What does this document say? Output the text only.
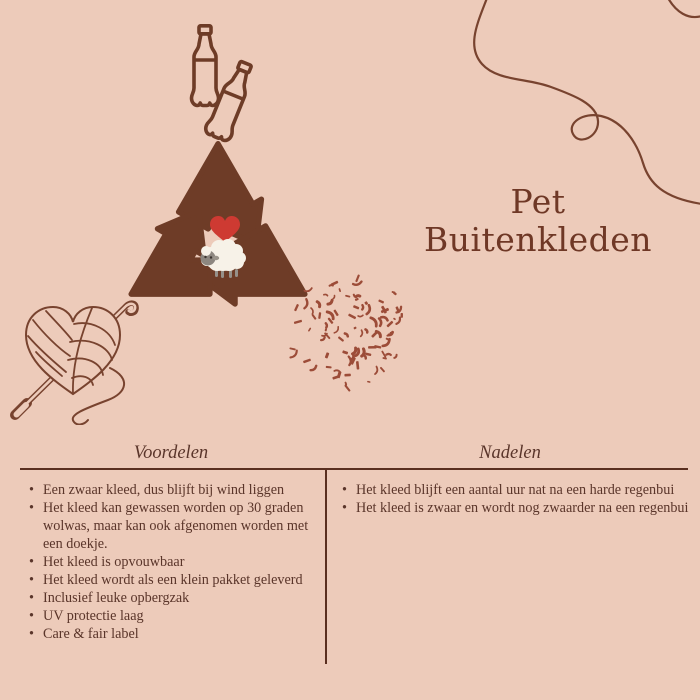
Pet Buitenkleden
Voordelen	Nadelen
• Een zwaar kleed, dus blijft bij wind liggen
• Het kleed kan gewassen worden op 30 graden wolwas, maar kan ook afgenomen worden met een doekje.
• Het kleed is opvouwbaar
• Het kleed wordt als een klein pakket geleverd
• Inclusief leuke opbergzak
• UV protectie laag
• Care & fair label
• Het kleed blijft een aantal uur nat na een harde regenbui
• Het kleed is zwaar en wordt nog zwaarder na een regenbui
